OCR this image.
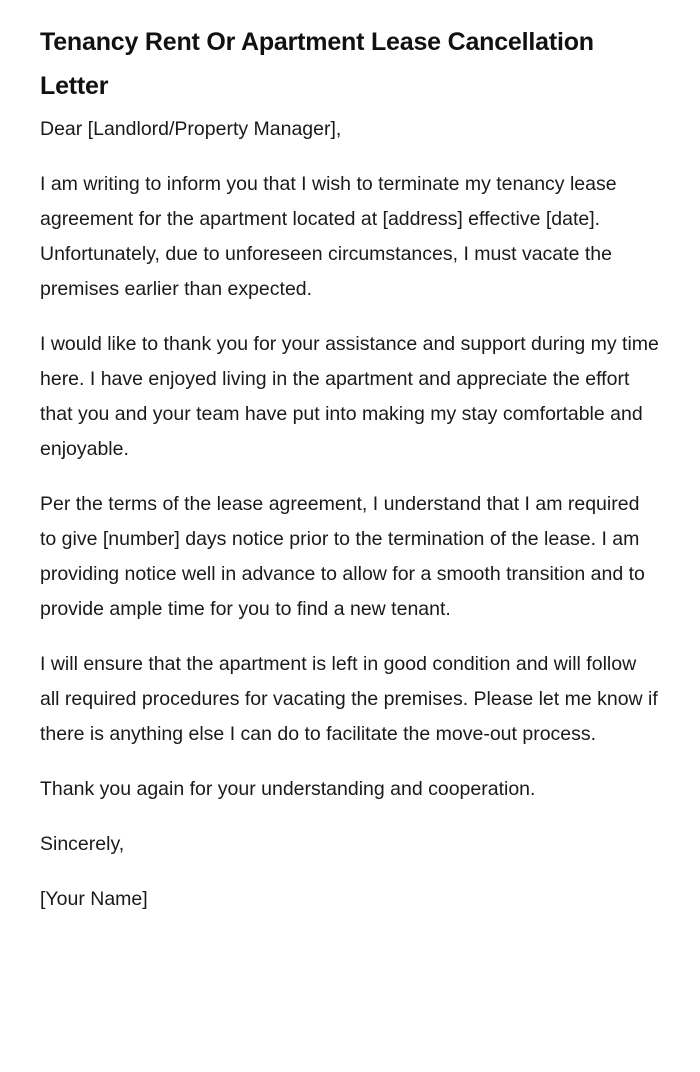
Tenancy Rent Or Apartment Lease Cancellation Letter

Dear [Landlord/Property Manager],

I am writing to inform you that I wish to terminate my tenancy lease agreement for the apartment located at [address] effective [date]. Unfortunately, due to unforeseen circumstances, I must vacate the premises earlier than expected.

I would like to thank you for your assistance and support during my time here. I have enjoyed living in the apartment and appreciate the effort that you and your team have put into making my stay comfortable and enjoyable.

Per the terms of the lease agreement, I understand that I am required to give [number] days notice prior to the termination of the lease. I am providing notice well in advance to allow for a smooth transition and to provide ample time for you to find a new tenant.

I will ensure that the apartment is left in good condition and will follow all required procedures for vacating the premises. Please let me know if there is anything else I can do to facilitate the move-out process.

Thank you again for your understanding and cooperation.

Sincerely,

[Your Name]
